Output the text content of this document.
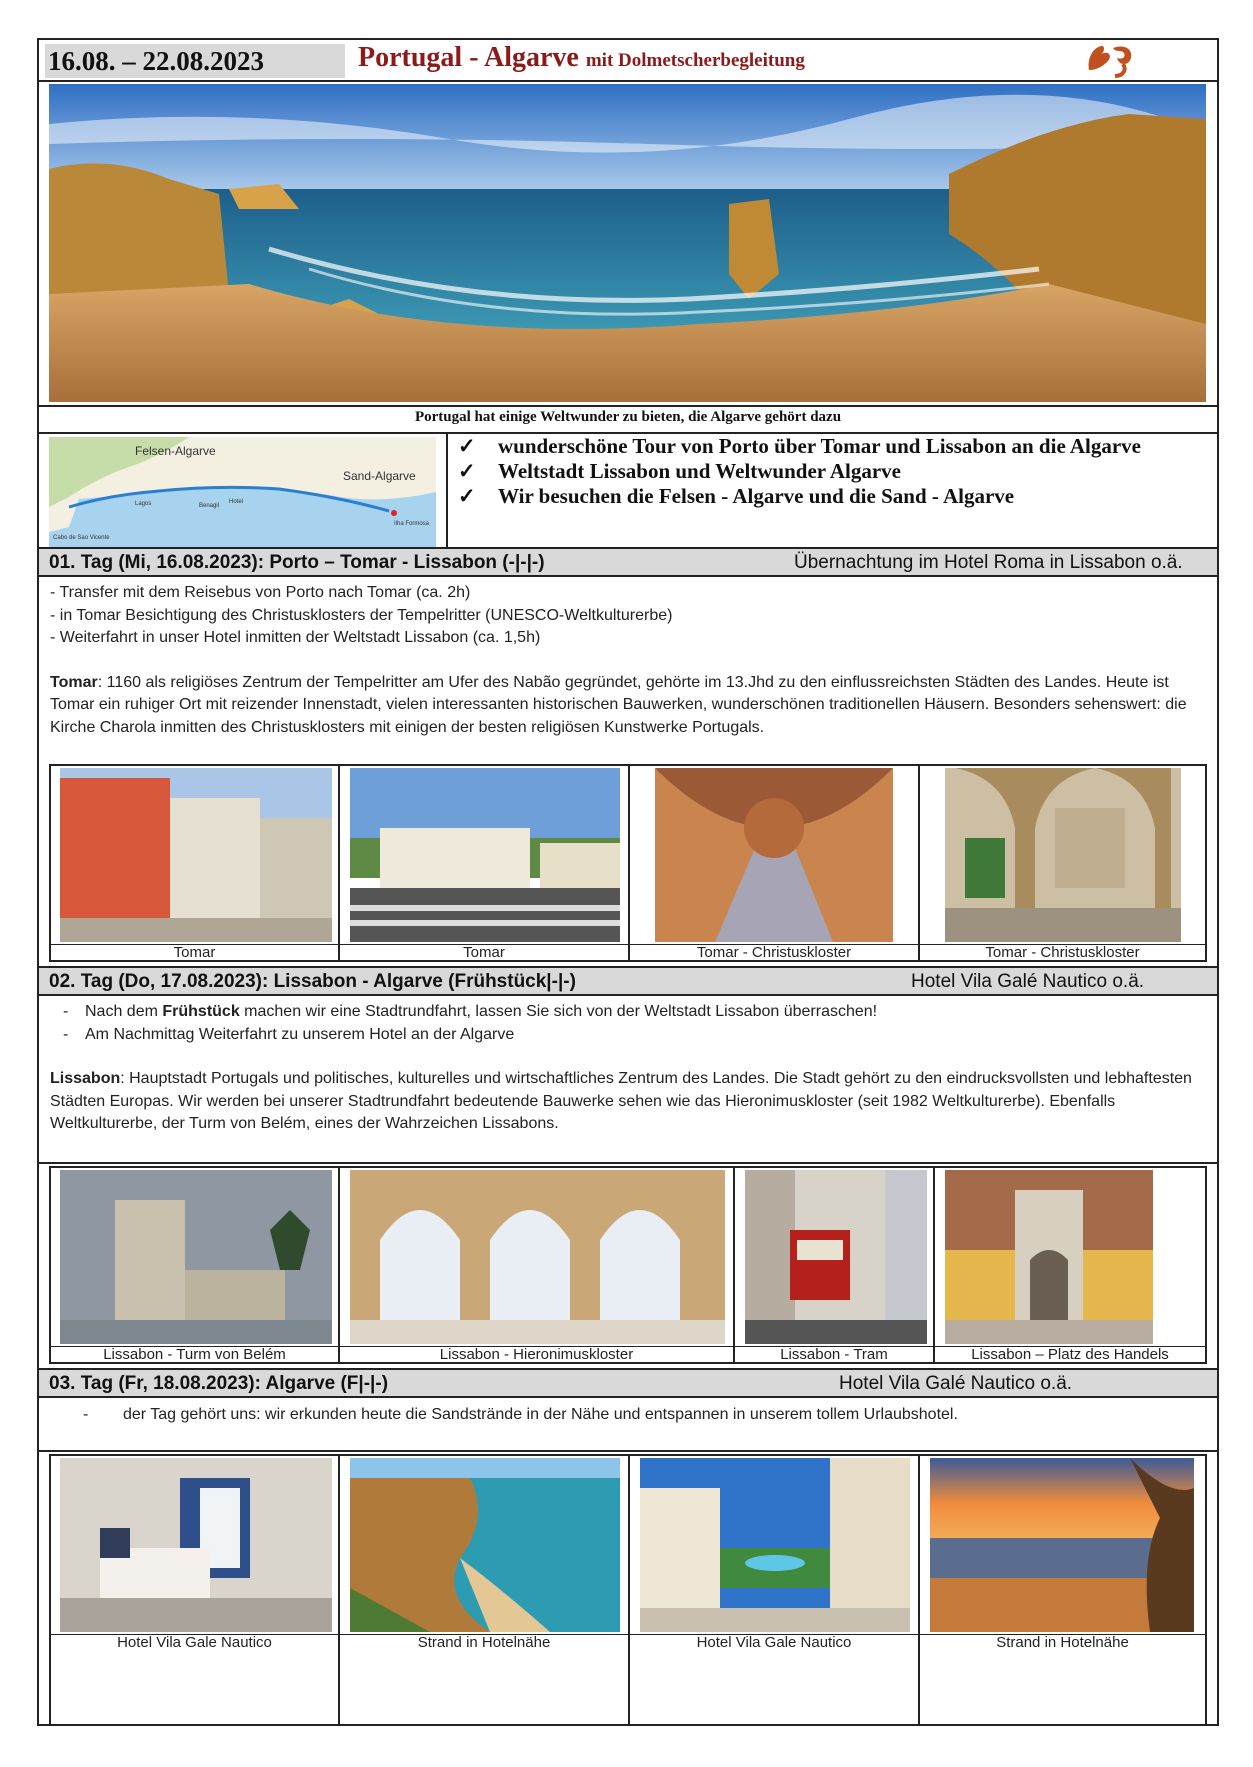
16.08. – 22.08.2023	Portugal - Algarve mit Dolmetscherbegleitung
Portugal hat einige Weltwunder zu bieten, die Algarve gehört dazu
Felsen-Algarve
Sand-Algarve
Lagos	Benagil
Hotel
Ilha Formosa
Cabo de Sao Vicente
✓ wunderschöne Tour von Porto über Tomar und Lissabon an die Algarve
✓ Weltstadt Lissabon und Weltwunder Algarve
✓ Wir besuchen die Felsen - Algarve und die Sand - Algarve
01. Tag (Mi, 16.08.2023): Porto – Tomar - Lissabon (-|-|-)	Übernachtung im Hotel Roma in Lissabon o.ä.

- Transfer mit dem Reisebus von Porto nach Tomar (ca. 2h)

- in Tomar Besichtigung des Christusklosters der Tempelritter (UNESCO-Weltkulturerbe)

- Weiterfahrt in unser Hotel inmitten der Weltstadt Lissabon (ca. 1,5h)

Tomar: 1160 als religiöses Zentrum der Tempelritter am Ufer des Nabão gegründet, gehörte im 13.Jhd zu den einflussreichsten Städten des Landes. Heute ist Tomar ein ruhiger Ort mit reizender Innenstadt, vielen interessanten historischen Bauwerken, wunderschönen traditionellen Häusern. Besonders sehenswert: die Kirche Charola inmitten des Christusklosters mit einigen der besten religiösen Kunstwerke Portugals.

Tomar	Tomar	Tomar - Christuskloster	Tomar - Christuskloster
02. Tag (Do, 17.08.2023): Lissabon - Algarve (Frühstück|-|-)	Hotel Vila Galé Nautico o.ä.

- Nach dem Frühstück machen wir eine Stadtrundfahrt, lassen Sie sich von der Weltstadt Lissabon überraschen!

- Am Nachmittag Weiterfahrt zu unserem Hotel an der Algarve

Lissabon: Hauptstadt Portugals und politisches, kulturelles und wirtschaftliches Zentrum des Landes. Die Stadt gehört zu den eindrucksvollsten und lebhaftesten Städten Europas. Wir werden bei unserer Stadtrundfahrt bedeutende Bauwerke sehen wie das Hieronimuskloster (seit 1982 Weltkulturerbe). Ebenfalls Weltkulturerbe, der Turm von Belém, eines der Wahrzeichen Lissabons.

Lissabon - Turm von Belém	Lissabon - Hieronimuskloster	Lissabon - Tram	Lissabon – Platz des Handels
03. Tag (Fr, 18.08.2023): Algarve (F|-|-)	Hotel Vila Galé Nautico o.ä.

- der Tag gehört uns: wir erkunden heute die Sandstrände in der Nähe und entspannen in unserem tollem Urlaubshotel.

Hotel Vila Gale Nautico	Strand in Hotelnähe	Hotel Vila Gale Nautico	Strand in Hotelnähe
